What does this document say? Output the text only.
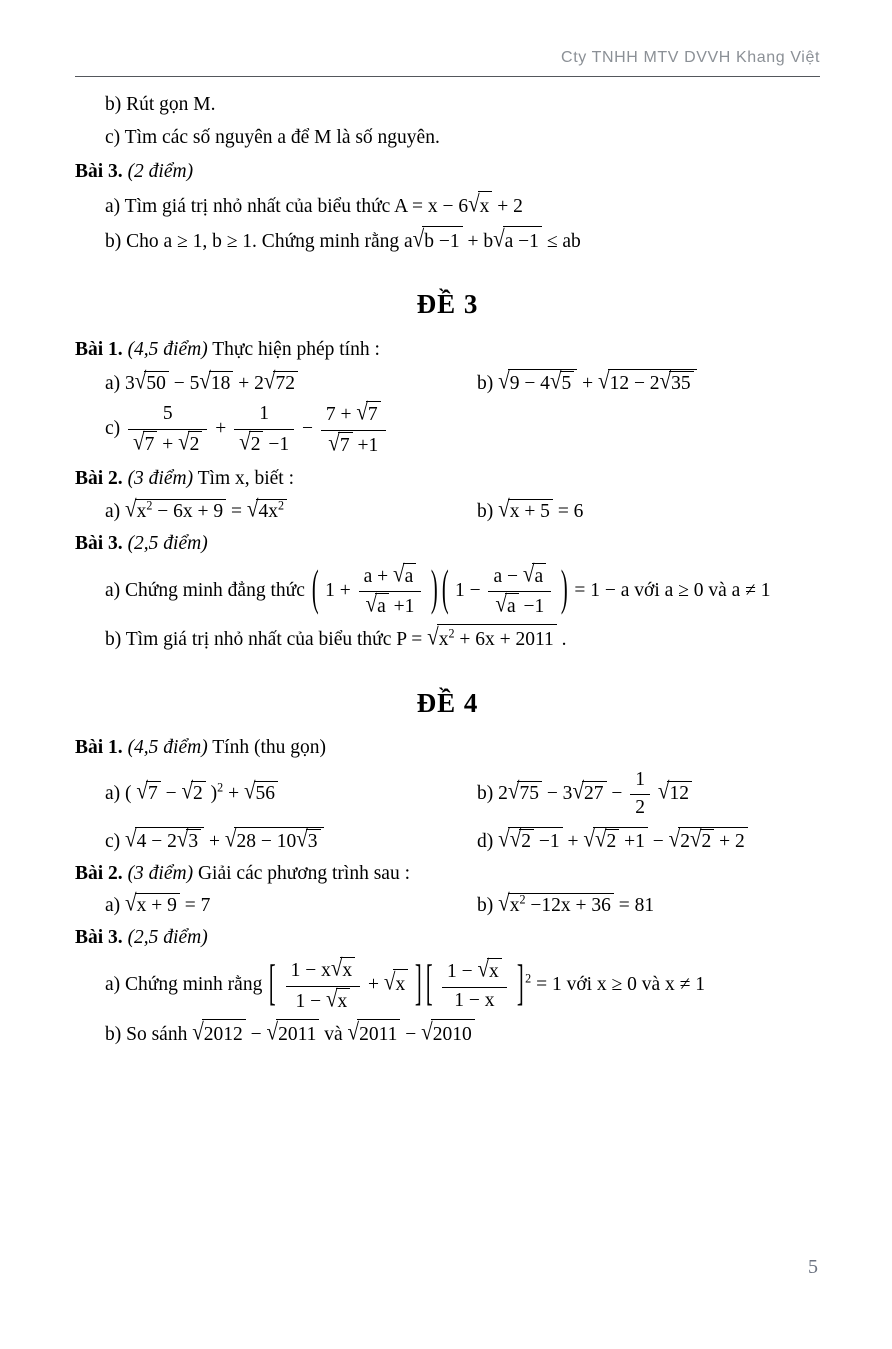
Cty TNHH MTV DVVH Khang Việt
b) Rút gọn M.
c) Tìm các số nguyên a để M là số nguyên.
Bài 3. (2 điểm)
a) Tìm giá trị nhỏ nhất của biểu thức A = x − 6√x + 2
b) Cho a ≥ 1, b ≥ 1. Chứng minh rằng a√b −1 + b√a −1 ≤ ab
ĐỀ 3
Bài 1. (4,5 điểm) Thực hiện phép tính :
a) 3√50 − 5√18 + 2√72	b) √9 − 4√5 + √12 − 2√35
$c) \frac{5}{√7 + √2} + \frac{1}{√2 -1} - \frac{7 + √7}{√7 +1}$
Bài 2. (3 điểm) Tìm x, biết :
a) $√x^2 - 6x + 9 = √4x^2$	b) √x + 5 = 6
Bài 3. (2,5 điểm)
a) Chứng minh đẳng thức ( $1 + \frac{a + √a}{√a +1}$ ) ( $1 - \frac{a - √a}{√a -1}$ ) = 1 − a với a ≥ 0 và a ≠ 1
b) Tìm giá trị nhỏ nhất của biểu thức $P = √x^2 + 6x + 2011$ .
ĐỀ 4
Bài 1. (4,5 điểm) Tính (thu gọn)
a) ( √7 − √2 )$^2$ + √56	b) $2√75 - 3√27 - \frac{1}{2} √12$
c) √4 − 2√3 + √28 − 10√3	d) √√2 −1 + √√2 +1 − √2√2 + 2
Bài 2. (3 điểm) Giải các phương trình sau :
a) √x + 9 = 7	b) $√x^2 -12x + 36 = 81$
Bài 3. (2,5 điểm)
a) Chứng minh rằng [ $\frac{1 - x√x}{1 - √x} + √x$ ] [ $\frac{1 - √x}{1 - x}$ ] $^2$ = 1 với x ≥ 0 và x ≠ 1
b) So sánh √2012 − √2011 và √2011 − √2010
5
